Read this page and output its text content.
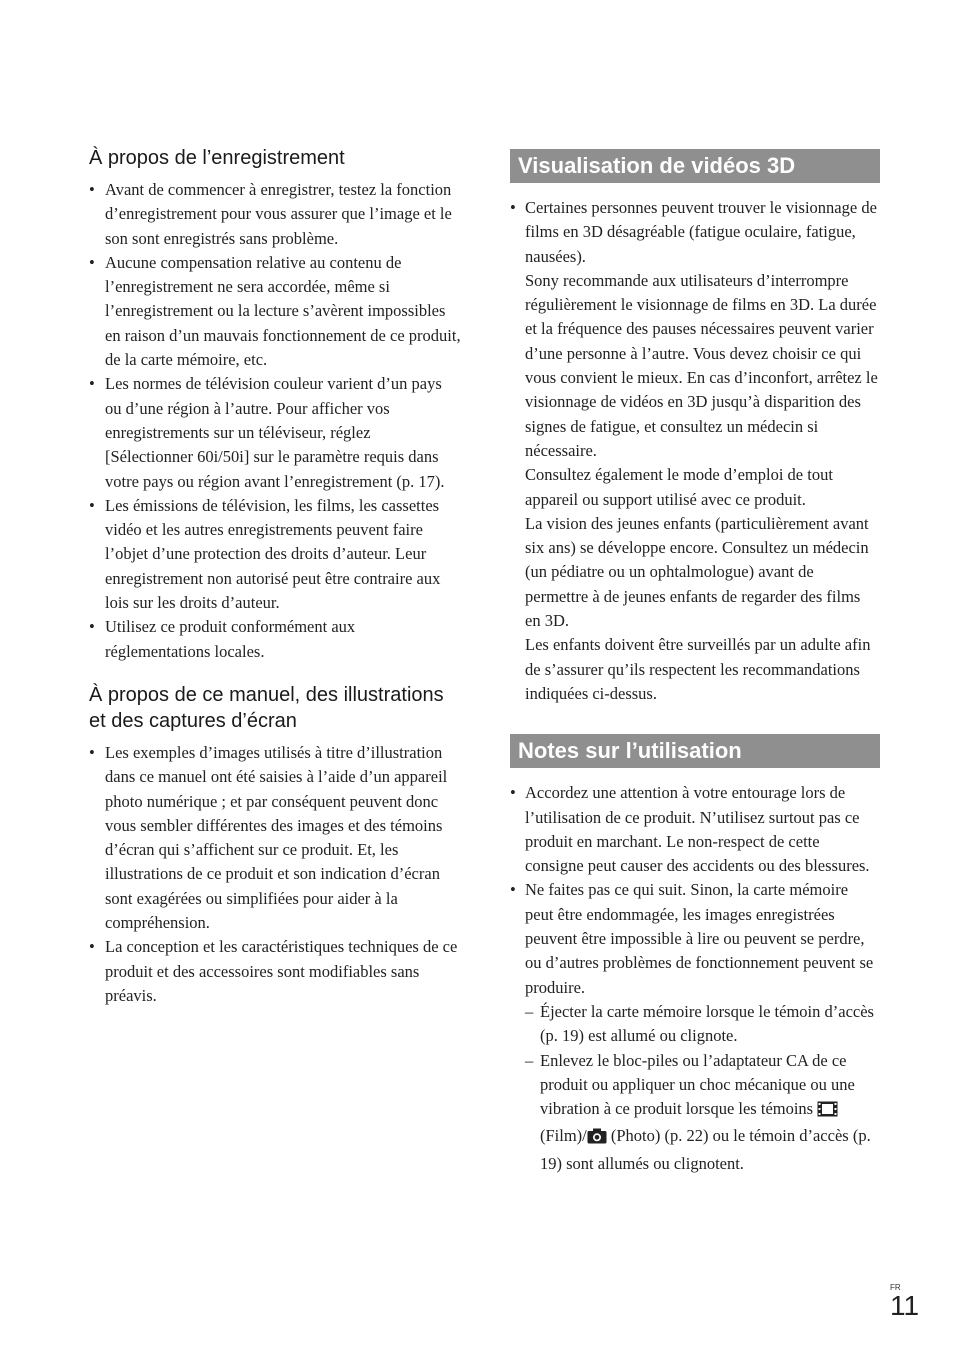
À propos de l’enregistrement
• Avant de commencer à enregistrer, testez la fonction d’enregistrement pour vous assurer que l’image et le son sont enregistrés sans problème.
• Aucune compensation relative au contenu de l’enregistrement ne sera accordée, même si l’enregistrement ou la lecture s’avèrent impossibles en raison d’un mauvais fonctionnement de ce produit, de la carte mémoire, etc.
• Les normes de télévision couleur varient d’un pays ou d’une région à l’autre. Pour afficher vos enregistrements sur un téléviseur, réglez [Sélectionner 60i/50i] sur le paramètre requis dans votre pays ou région avant l’enregistrement (p. 17).
• Les émissions de télévision, les films, les cassettes vidéo et les autres enregistrements peuvent faire l’objet d’une protection des droits d’auteur. Leur enregistrement non autorisé peut être contraire aux lois sur les droits d’auteur.
• Utilisez ce produit conformément aux réglementations locales.
À propos de ce manuel, des illustrations et des captures d’écran
• Les exemples d’images utilisés à titre d’illustration dans ce manuel ont été saisies à l’aide d’un appareil photo numérique ; et par conséquent peuvent donc vous sembler différentes des images et des témoins d’écran qui s’affichent sur ce produit. Et, les illustrations de ce produit et son indication d’écran sont exagérées ou simplifiées pour aider à la compréhension.
• La conception et les caractéristiques techniques de ce produit et des accessoires sont modifiables sans préavis.
Visualisation de vidéos 3D
• Certaines personnes peuvent trouver le visionnage de films en 3D désagréable (fatigue oculaire, fatigue, nausées).
Sony recommande aux utilisateurs d’interrompre régulièrement le visionnage de films en 3D. La durée et la fréquence des pauses nécessaires peuvent varier d’une personne à l’autre. Vous devez choisir ce qui vous convient le mieux. En cas d’inconfort, arrêtez le visionnage de vidéos en 3D jusqu’à disparition des signes de fatigue, et consultez un médecin si nécessaire.
Consultez également le mode d’emploi de tout appareil ou support utilisé avec ce produit.
La vision des jeunes enfants (particulièrement avant six ans) se développe encore. Consultez un médecin (un pédiatre ou un ophtalmologue) avant de permettre à de jeunes enfants de regarder des films en 3D.
Les enfants doivent être surveillés par un adulte afin de s’assurer qu’ils respectent les recommandations indiquées ci-dessus.
Notes sur l’utilisation
• Accordez une attention à votre entourage lors de l’utilisation de ce produit. N’utilisez surtout pas ce produit en marchant. Le non-respect de cette consigne peut causer des accidents ou des blessures.
• Ne faites pas ce qui suit. Sinon, la carte mémoire peut être endommagée, les images enregistrées peuvent être impossible à lire ou peuvent se perdre, ou d’autres problèmes de fonctionnement peuvent se produire.
– Éjecter la carte mémoire lorsque le témoin d’accès (p. 19) est allumé ou clignote.
– Enlevez le bloc-piles ou l’adaptateur CA de ce produit ou appliquer un choc mécanique ou une vibration à ce produit lorsque les témoins  (Film)/ (Photo) (p. 22) ou le témoin d’accès (p. 19) sont allumés ou clignotent.
FR
11
